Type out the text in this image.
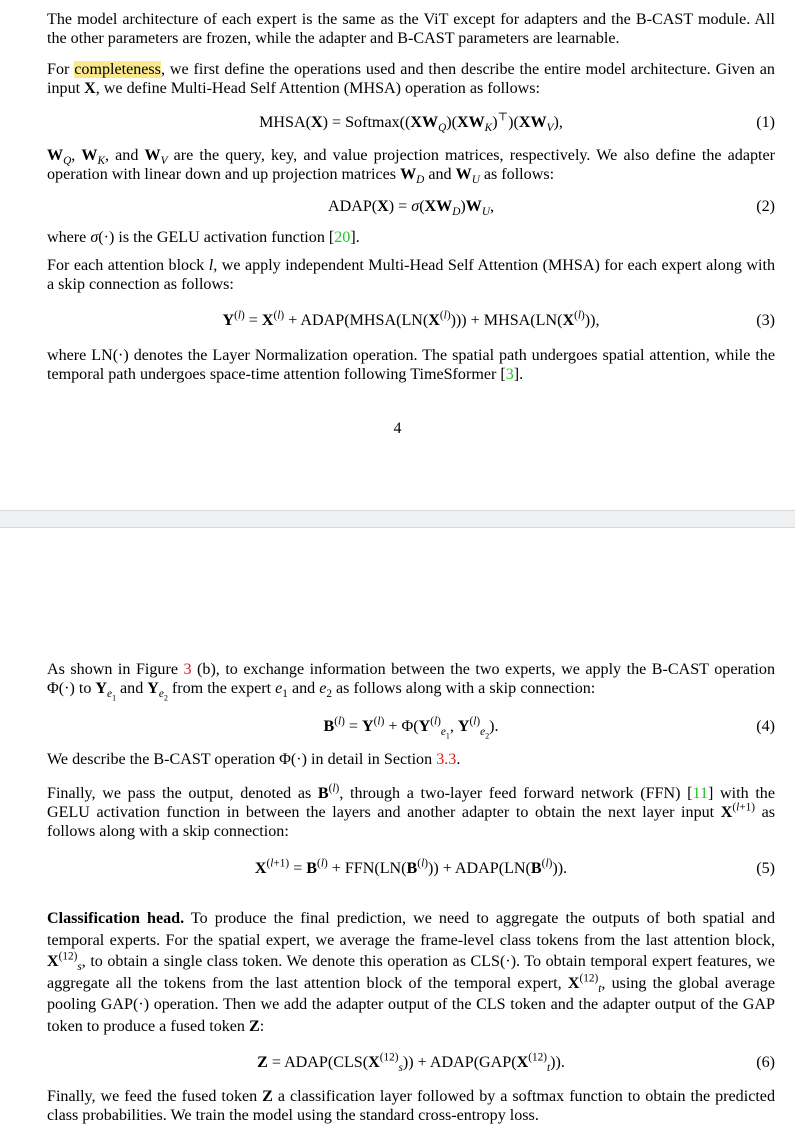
The model architecture of each expert is the same as the ViT except for adapters and the B-CAST module. All the other parameters are frozen, while the adapter and B-CAST parameters are learnable.
For completeness, we first define the operations used and then describe the entire model architecture. Given an input X, we define Multi-Head Self Attention (MHSA) operation as follows:
MHSA(X) = $Softmax((XW_Q)(XW_K)^⊤)(XW_V)$,	(1)
$W_Q$, $W_K$, and $W_V$ are the query, key, and value projection matrices, respectively. We also define the adapter operation with linear down and up projection matrices $W_D$ and $W_U$ as follows:
ADAP(X) = $\sigma(XW_D)W_U$,	(2)
where σ(·) is the GELU activation function [20].
For each attention block l, we apply independent Multi-Head Self Attention (MHSA) for each expert along with a skip connection as follows:
$Y^{(l)} = X^{(l)}$ + $ADAP(MHSA(LN(X^{(l)})))$ + $MHSA(LN(X^{(l)}))$,	(3)
where LN(·) denotes the Layer Normalization operation. The spatial path undergoes spatial attention, while the temporal path undergoes space-time attention following TimeSformer [3].
4
As shown in Figure 3 (b), to exchange information between the two experts, we apply the B-CAST operation Φ(·) to $Y_{e_1}$ and $Y_{e_2}$ from the expert $e_1$ and $e_2$ as follows along with a skip connection:
$B^{(l)} = Y^{(l)} + \Phi(Y^{(l)}_{e_1}$, $Y^{(l)}_{e_2}$).	(4)
We describe the B-CAST operation Φ(·) in detail in Section 3.3.
Finally, we pass the output, denoted as $B^{(l)}$, through a two-layer feed forward network (FFN) [11] with the GELU activation function in between the layers and another adapter to obtain the next layer input $X^{(l+1)}$ as follows along with a skip connection:
$X^{(l+1)} = B^{(l)} + FFN(LN(B^{(l)}))$ + $ADAP(LN(B^{(l)}))$.	(5)
Classification head. To produce the final prediction, we need to aggregate the outputs of both spatial and temporal experts. For the spatial expert, we average the frame-level class tokens from the last attention block, $X^{(12)}_s$, to obtain a single class token. We denote this operation as CLS(·). To obtain temporal expert features, we aggregate all the tokens from the last attention block of the temporal expert, $X^{(12)}_t$, using the global average pooling GAP(·) operation. Then we add the adapter output of the CLS token and the adapter output of the GAP token to produce a fused token Z:
$Z = ADAP(CLS(X^{(12)}_s))$ + $ADAP(GAP(X^{(12)}_t))$.	(6)
Finally, we feed the fused token Z a classification layer followed by a softmax function to obtain the predicted class probabilities. We train the model using the standard cross-entropy loss.
